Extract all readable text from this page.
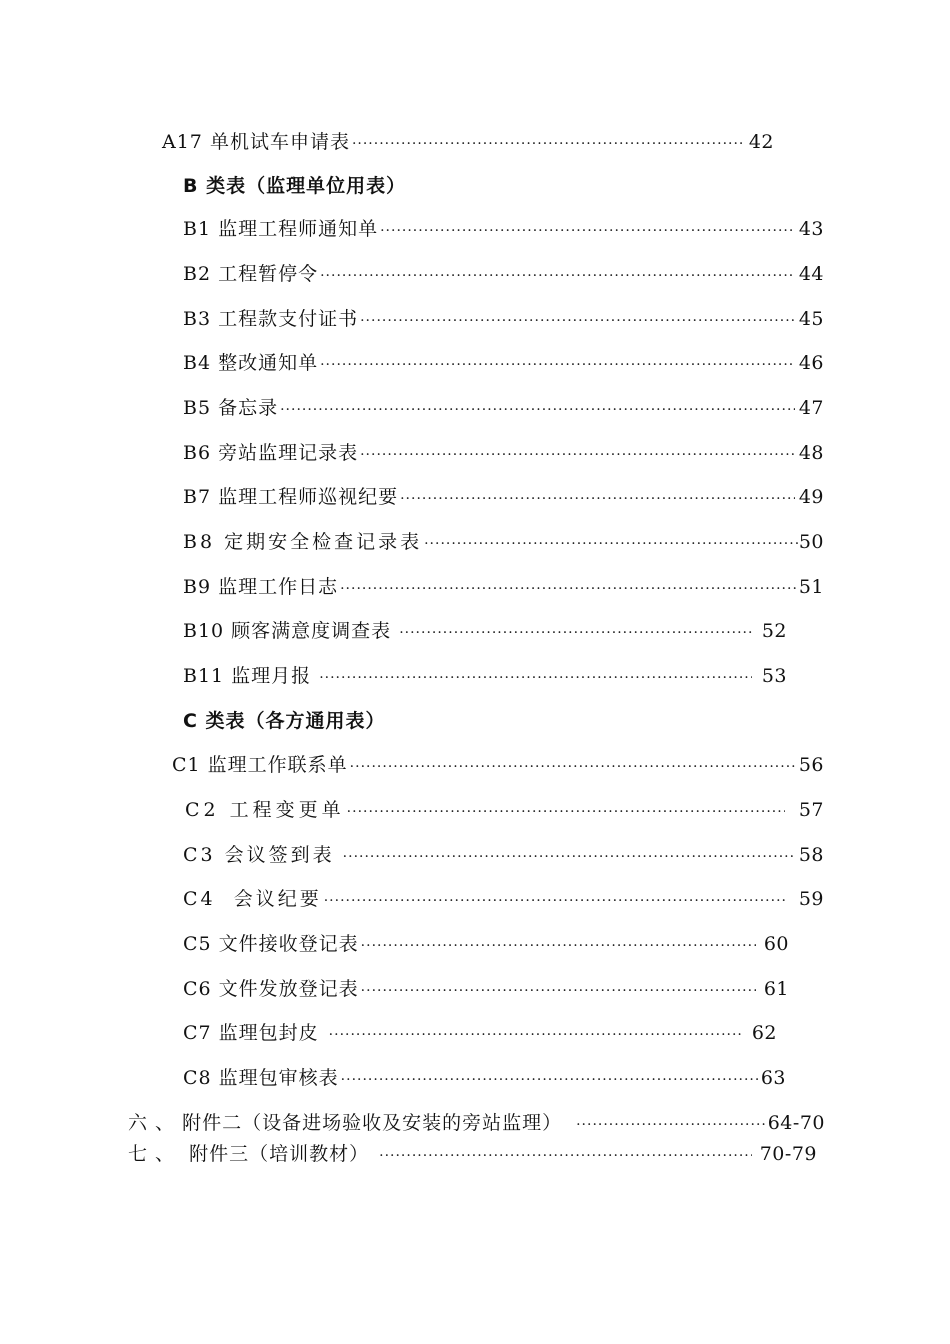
A17 单机试车申请表 ·····	42
B 类表（监理单位用表）
B1 监理工程师通知单 ·····	43
B2 工程暂停令 ·····	44
B3 工程款支付证书 ·····	45
B4 整改通知单 ·····	46
B5 备忘录 ·····	47
B6 旁站监理记录表 ·····	48
B7 监理工程师巡视纪要 ·····	49
B8 定期安全检查记录表 ·····	50
B9 监理工作日志 ·····	51
B10 顾客满意度调查表 ·····	52
B11 监理月报 ·····	53
C 类表（各方通用表）
C1 监理工作联系单 ·····	56
C2 工程变更单 ·····	57
C3 会议签到表 ·····	58
C4  会议纪要 ·····	59
C5 文件接收登记表 ·····	60
C6 文件发放登记表 ·····	61
C7 监理包封皮 ·····	62
C8 监理包审核表 ·····	63
六 、 附件二（设备进场验收及安装的旁站监理） ·····	64-70
七 、  附件三（培训教材） ·····	70-79
